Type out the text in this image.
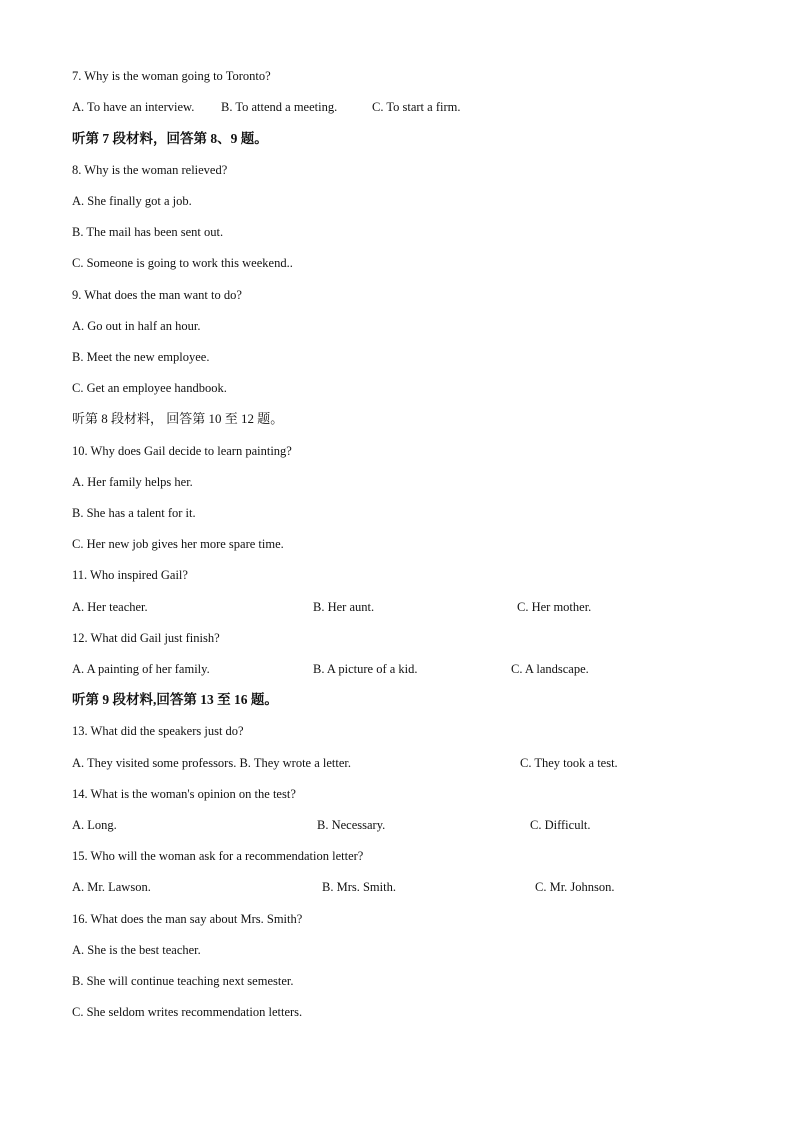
7. Why is the woman going to Toronto?
A. To have an interview. B. To attend a meeting.	C. To start a firm.
听第 7 段材料，回答第 8、9 题。
8. Why is the woman relieved?
A. She finally got a job.
B. The mail has been sent out.
C. Someone is going to work this weekend..
9. What does the man want to do?
A. Go out in half an hour.
B. Meet the new employee.
C. Get an employee handbook.
听第 8 段材料， 回答第 10 至 12 题。
10. Why does Gail decide to learn painting?
A. Her family helps her.
B. She has a talent for it.
C. Her new job gives her more spare time.
11. Who inspired Gail?
A. Her teacher.	B. Her aunt.	C. Her mother.
12. What did Gail just finish?
A. A painting of her family.	B. A picture of a kid.	C. A landscape.
听第 9 段材料,回答第 13 至 16 题。
13. What did the speakers just do?
A. They visited some professors. B. They wrote a letter.	C. They took a test.
14. What is the woman's opinion on the test?
A. Long.	B. Necessary.	C. Difficult.
15. Who will the woman ask for a recommendation letter?
A. Mr. Lawson.	B. Mrs. Smith.	C. Mr. Johnson.
16. What does the man say about Mrs. Smith?
A. She is the best teacher.
B. She will continue teaching next semester.
C. She seldom writes recommendation letters.
